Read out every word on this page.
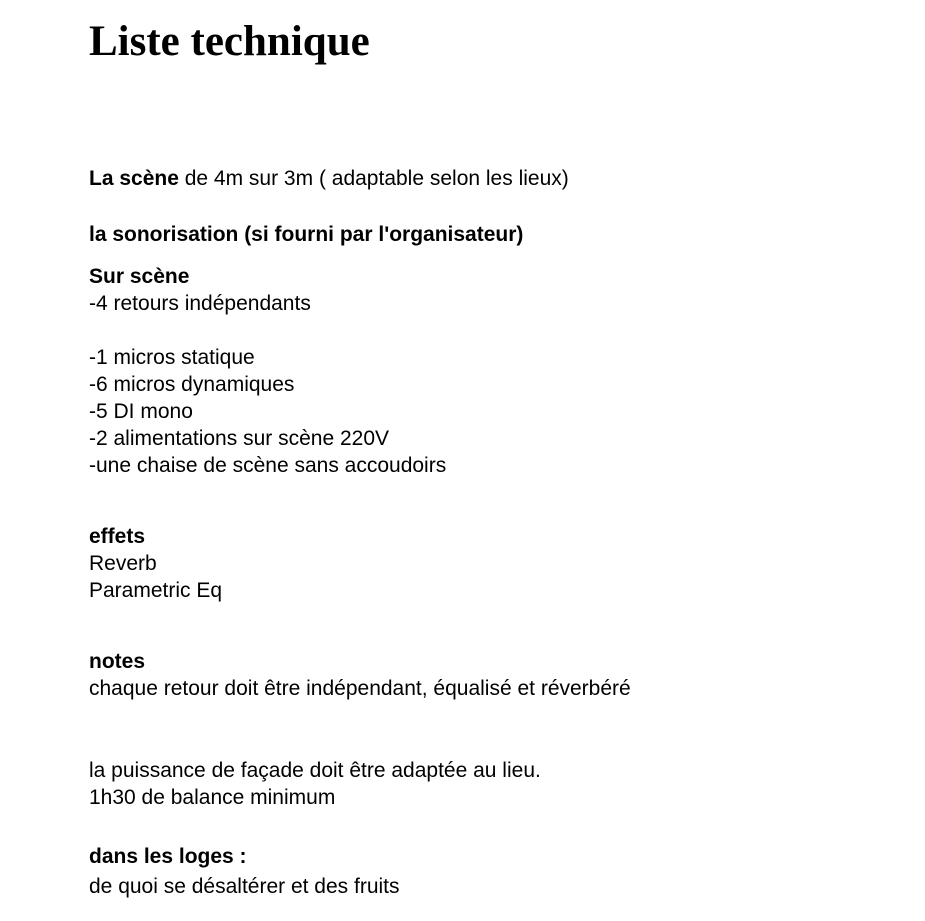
Liste technique
La scène de 4m sur 3m ( adaptable selon les lieux)
la sonorisation (si fourni par l'organisateur)
Sur scène
-4 retours indépendants
-1 micros statique
-6 micros dynamiques
-5 DI mono
-2 alimentations sur scène 220V
-une chaise de scène sans accoudoirs
effets
Reverb
Parametric Eq
notes
chaque retour doit être indépendant, équalisé et réverbéré
la puissance de façade doit être adaptée au lieu.
1h30 de balance minimum
dans les loges :
de quoi se désaltérer et des fruits
